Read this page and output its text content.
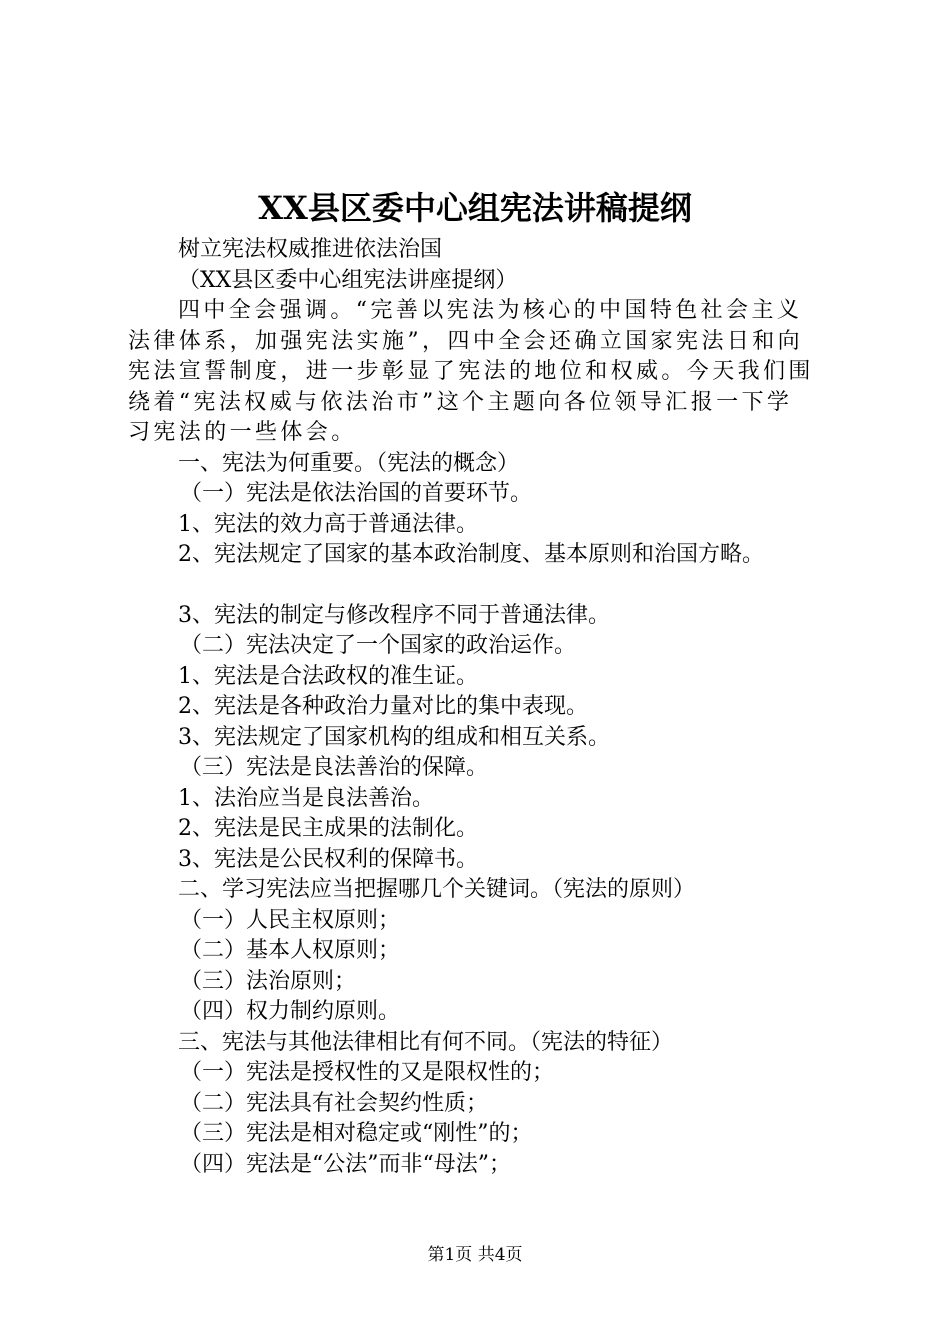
XX县区委中心组宪法讲稿提纲
树立宪法权威推进依法治国
（XX县区委中心组宪法讲座提纲）
四中全会强调。“完善以宪法为核心的中国特色社会主义
法律体系，加强宪法实施”，四中全会还确立国家宪法日和向
宪法宣誓制度，进一步彰显了宪法的地位和权威。今天我们围
绕着“宪法权威与依法治市”这个主题向各位领导汇报一下学
习宪法的一些体会。
一、宪法为何重要。（宪法的概念）
（一）宪法是依法治国的首要环节。
1、宪法的效力高于普通法律。
2、宪法规定了国家的基本政治制度、基本原则和治国方略。
3、宪法的制定与修改程序不同于普通法律。
（二）宪法决定了一个国家的政治运作。
1、宪法是合法政权的准生证。
2、宪法是各种政治力量对比的集中表现。
3、宪法规定了国家机构的组成和相互关系。
（三）宪法是良法善治的保障。
1、法治应当是良法善治。
2、宪法是民主成果的法制化。
3、宪法是公民权利的保障书。
二、学习宪法应当把握哪几个关键词。（宪法的原则）
（一）人民主权原则；
（二）基本人权原则；
（三）法治原则；
（四）权力制约原则。
三、宪法与其他法律相比有何不同。（宪法的特征）
（一）宪法是授权性的又是限权性的；
（二）宪法具有社会契约性质；
（三）宪法是相对稳定或“刚性”的；
（四）宪法是“公法”而非“母法”；
第1页 共4页
